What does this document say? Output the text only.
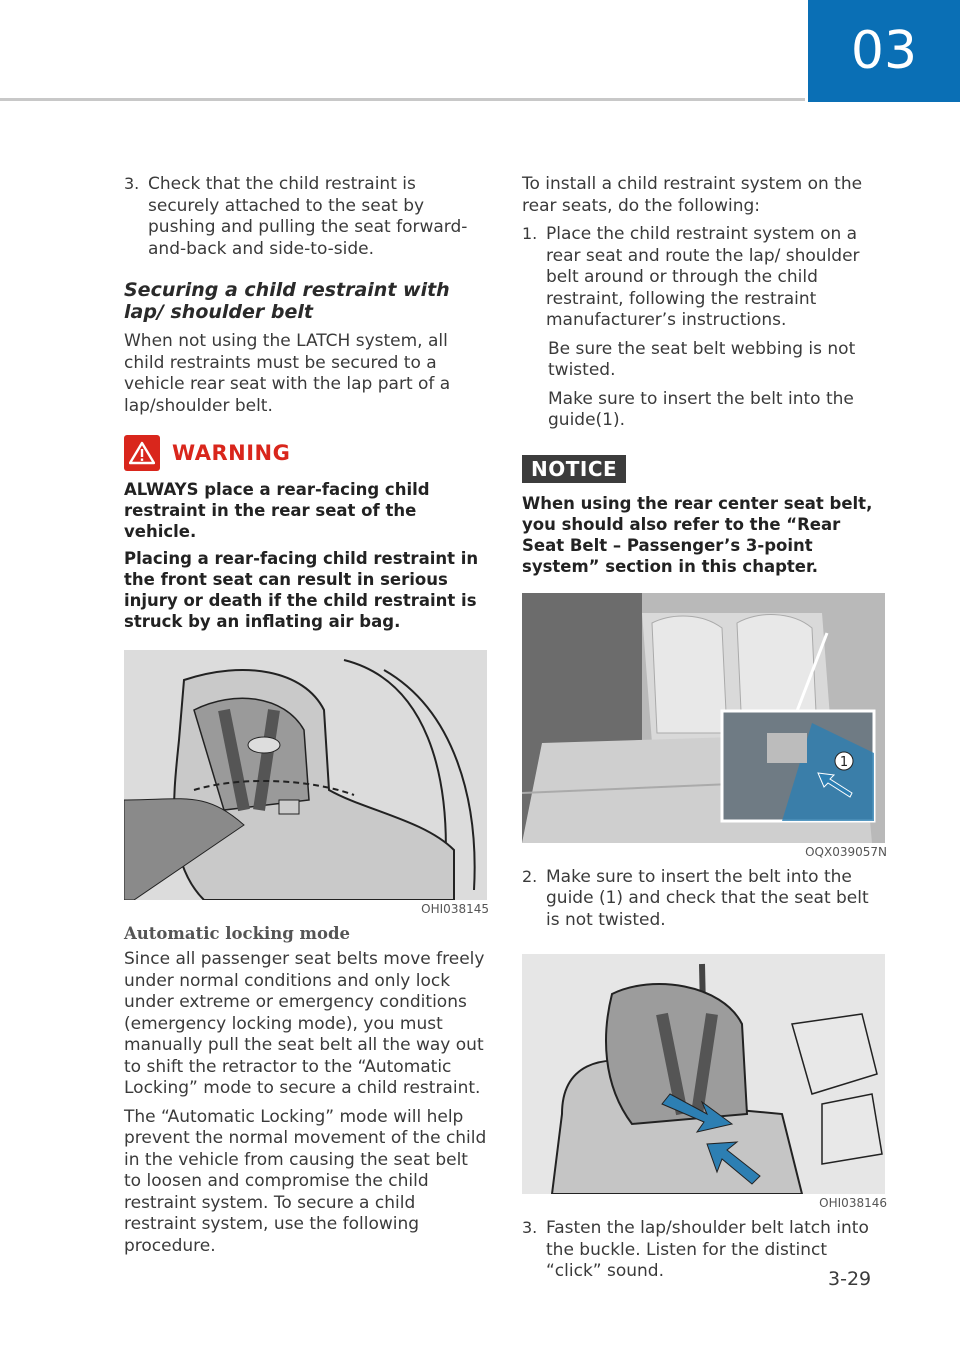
03
3. Check that the child restraint is securely attached to the seat by pushing and pulling the seat forward-and-back and side-to-side.

Securing a child restraint with lap/ shoulder belt

When not using the LATCH system, all child restraints must be secured to a vehicle rear seat with the lap part of a lap/shoulder belt.

WARNING

ALWAYS place a rear-facing child restraint in the rear seat of the vehicle.

Placing a rear-facing child restraint in the front seat can result in serious injury or death if the child restraint is struck by an inflating air bag.

OHI038145
Automatic locking mode

Since all passenger seat belts move freely under normal conditions and only lock under extreme or emergency conditions (emergency locking mode), you must manually pull the seat belt all the way out to shift the retractor to the “Automatic Locking” mode to secure a child restraint.

The “Automatic Locking” mode will help prevent the normal movement of the child in the vehicle from causing the seat belt to loosen and compromise the child restraint system. To secure a child restraint system, use the following procedure.

To install a child restraint system on the rear seats, do the following:

1. Place the child restraint system on a rear seat and route the lap/ shoulder belt around or through the child restraint, following the restraint manufacturer’s instructions.

Be sure the seat belt webbing is not twisted.

Make sure to insert the belt into the guide(1).

NOTICE

When using the rear center seat belt, you should also refer to the “Rear Seat Belt – Passenger’s 3-point system” section in this chapter.

1
OQX039057N
2. Make sure to insert the belt into the guide (1) and check that the seat belt is not twisted.

OHI038146
3. Fasten the lap/shoulder belt latch into the buckle. Listen for the distinct “click” sound.	3-29
